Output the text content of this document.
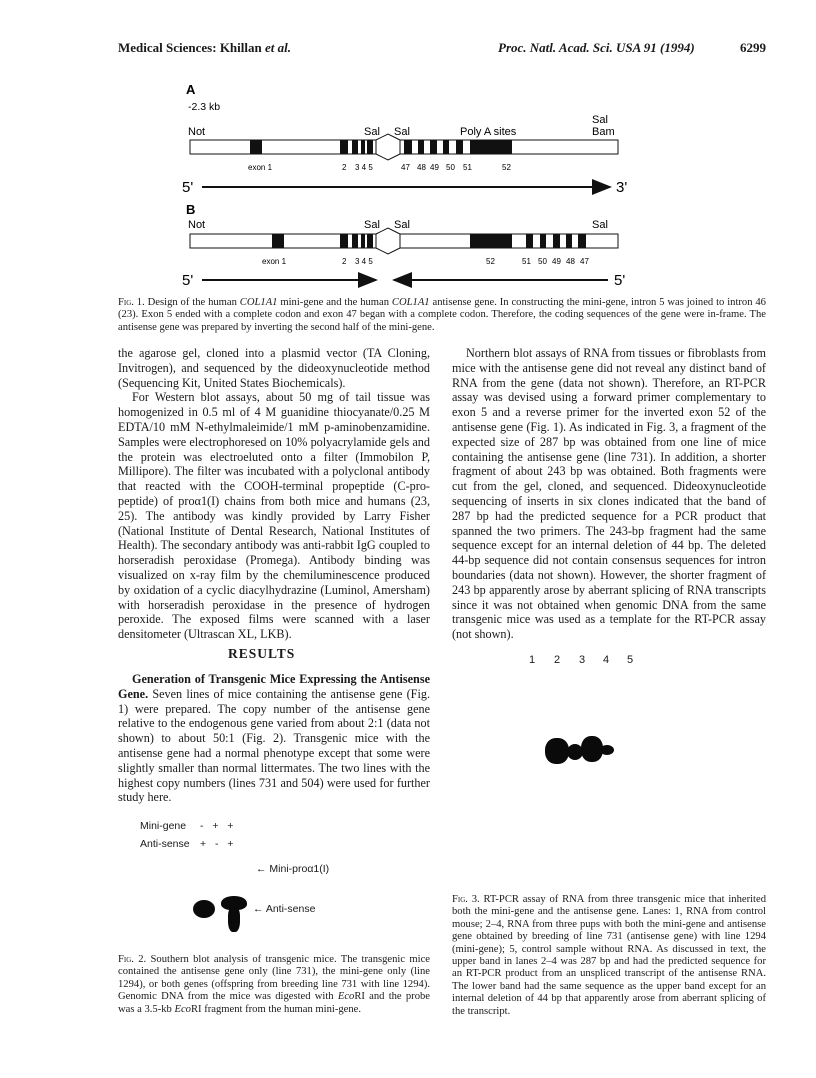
Medical Sciences: Khillan et al.	Proc. Natl. Acad. Sci. USA 91 (1994)	6299
A
-2.3 kb
Not	Sal Sal	Poly A sites
Sal
Bam
exon 1	2 3 4 5	47 48 49 50 51	52
5'	3'
B
Not	Sal Sal	Sal
exon 1	2 3 4 5	52	51 50 49 48 47
5'	5'
Fig. 1. Design of the human COL1A1 mini-gene and the human COL1A1 antisense gene. In constructing the mini-gene, intron 5 was joined to intron 46 (23). Exon 5 ended with a complete codon and exon 47 began with a complete codon. Therefore, the coding sequences of the gene were in-frame. The antisense gene was prepared by inverting the second half of the mini-gene.

the agarose gel, cloned into a plasmid vector (TA Cloning, Invitrogen), and sequenced by the dideoxynucleotide method (Sequencing Kit, United States Biochemicals).

For Western blot assays, about 50 mg of tail tissue was homogenized in 0.5 ml of 4 M guanidine thiocyanate/0.25 M EDTA/10 mM N-ethylmaleimide/1 mM p-aminobenzamidine. Samples were electrophoresed on 10% polyacrylamide gels and the protein was electroeluted onto a filter (Immobilon P, Millipore). The filter was incubated with a polyclonal antibody that reacted with the COOH-terminal propeptide (C-pro-peptide) of proα1(I) chains from both mice and humans (23, 25). The antibody was kindly provided by Larry Fisher (National Institute of Dental Research, National Institutes of Health). The secondary antibody was anti-rabbit IgG coupled to horseradish peroxidase (Promega). Antibody binding was visualized on x-ray film by the chemiluminescence produced by oxidation of a cyclic diacylhydrazine (Luminol, Amersham) with horseradish peroxidase in the presence of hydrogen peroxide. The exposed films were scanned with a laser densitometer (Ultrascan XL, LKB).

RESULTS

Generation of Transgenic Mice Expressing the Antisense Gene. Seven lines of mice containing the antisense gene (Fig. 1) were prepared. The copy number of the antisense gene relative to the endogenous gene varied from about 2:1 (data not shown) to about 50:1 (Fig. 2). Transgenic mice with the antisense gene had a normal phenotype except that some were slightly smaller than normal littermates. The two lines with the highest copy numbers (lines 731 and 504) were used for further study here.

Mini-gene -  +  +
Anti-sense +  -  +
← Mini-proα1(I)
← Anti-sense
Fig. 2. Southern blot analysis of transgenic mice. The transgenic mice contained the antisense gene only (line 731), the mini-gene only (line 1294), or both genes (offspring from breeding line 731 with line 1294). Genomic DNA from the mice was digested with EcoRI and the probe was a 3.5-kb EcoRI fragment from the human mini-gene.

Northern blot assays of RNA from tissues or fibroblasts from mice with the antisense gene did not reveal any distinct band of RNA from the gene (data not shown). Therefore, an RT-PCR assay was devised using a forward primer complementary to exon 5 and a reverse primer for the inverted exon 52 of the antisense gene (Fig. 1). As indicated in Fig. 3, a fragment of the expected size of 287 bp was obtained from one line of mice containing the antisense gene (line 731). In addition, a shorter fragment of about 243 bp was obtained. Both fragments were cut from the gel, cloned, and sequenced. Dideoxynucleotide sequencing of inserts in six clones indicated that the band of 287 bp had the predicted sequence for a PCR product that spanned the two primers. The 243-bp fragment had the same sequence except for an internal deletion of 44 bp. The deleted 44-bp sequence did not contain consensus sequences for intron boundaries (data not shown). However, the shorter fragment of 243 bp apparently arose by aberrant splicing of RNA transcripts since it was not obtained when genomic DNA from the same transgenic mice was used as a template for the RT-PCR assay (not shown).

1 2 3 4 5
Fig. 3. RT-PCR assay of RNA from three transgenic mice that inherited both the mini-gene and the antisense gene. Lanes: 1, RNA from control mouse; 2–4, RNA from three pups with both the mini-gene and antisense gene obtained by breeding of line 731 (antisense gene) with line 1294 (mini-gene); 5, control sample without RNA. As discussed in text, the upper band in lanes 2–4 was 287 bp and had the predicted sequence for an RT-PCR product from an unspliced transcript of the antisense RNA. The lower band had the same sequence as the upper band except for an internal deletion of 44 bp that apparently arose from aberrant splicing of the transcript.
